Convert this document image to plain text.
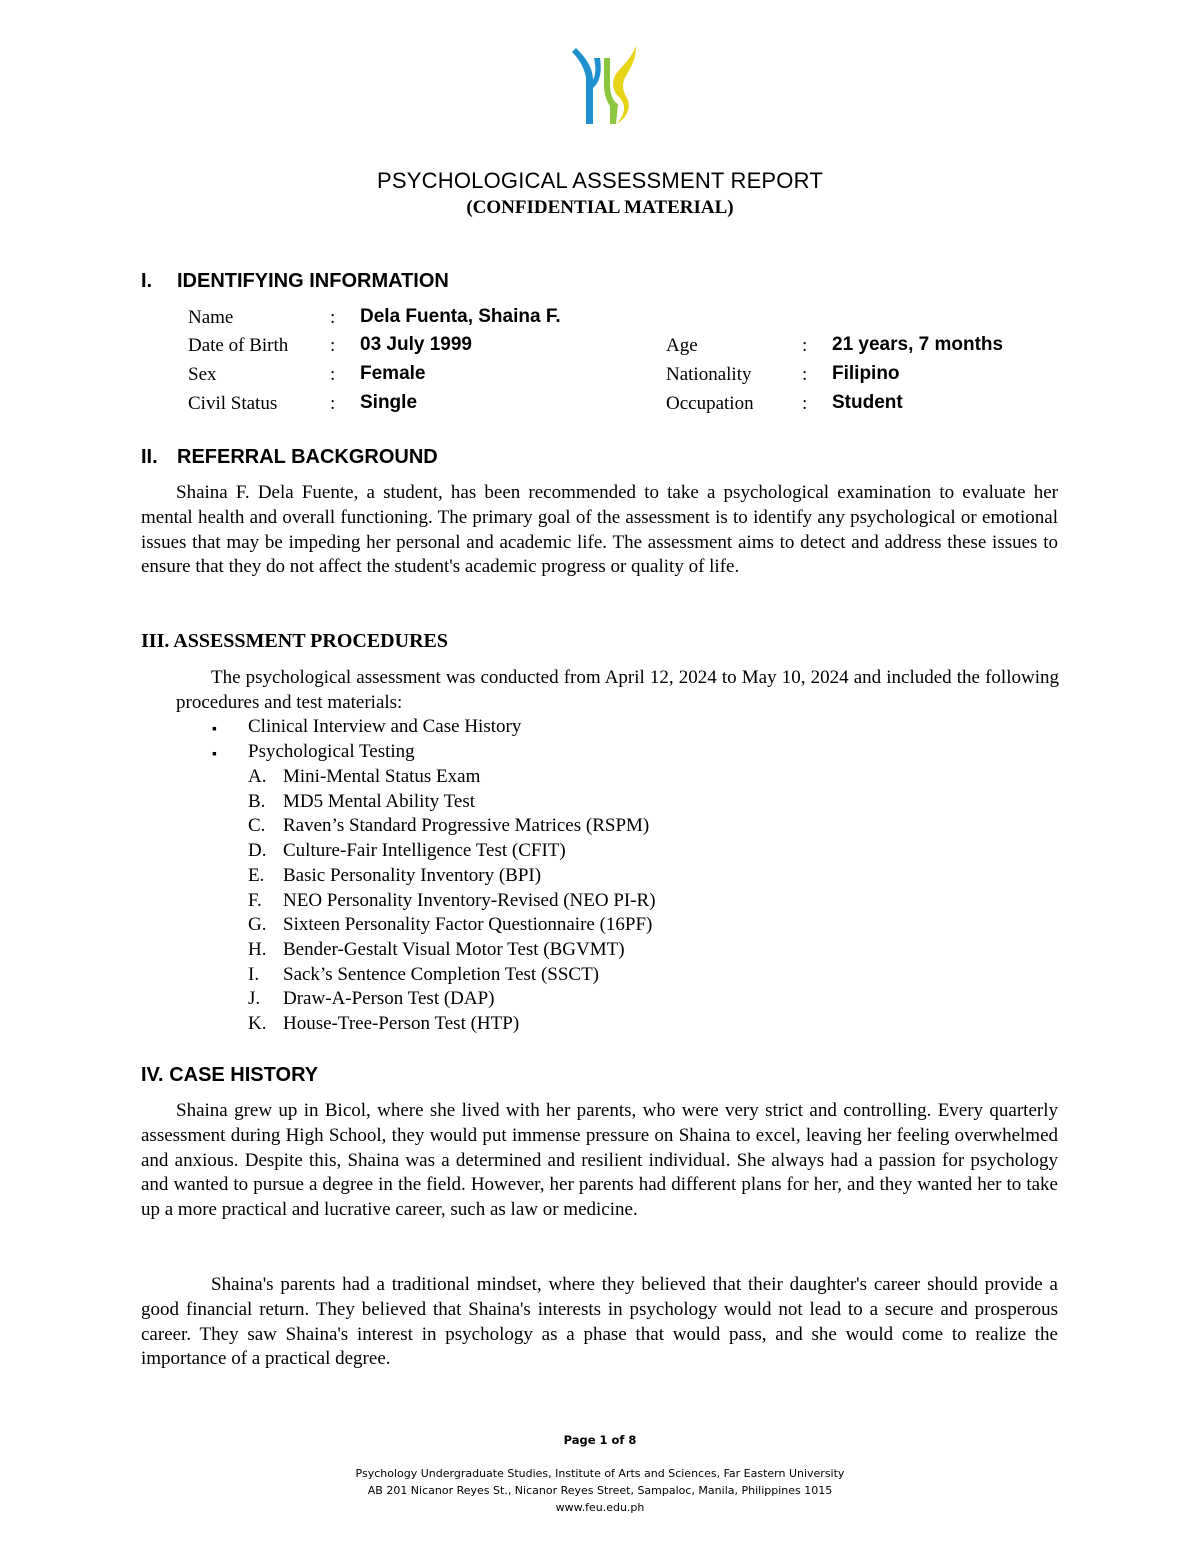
PSYCHOLOGICAL ASSESSMENT REPORT
(CONFIDENTIAL MATERIAL)
I. IDENTIFYING INFORMATION
Name	: Dela Fuenta, Shaina F.
Date of Birth : 03 July 1999
Sex	: Female
Civil Status	: Single
Age	: 21 years, 7 months
Nationality	: Filipino
Occupation	: Student
II. REFERRAL BACKGROUND
Shaina F. Dela Fuente, a student, has been recommended to take a psychological examination to evaluate her mental health and overall functioning. The primary goal of the assessment is to identify any psychological or emotional issues that may be impeding her personal and academic life. The assessment aims to detect and address these issues to ensure that they do not affect the student's academic progress or quality of life.
III. ASSESSMENT PROCEDURES
The psychological assessment was conducted from April 12, 2024 to May 10, 2024 and included the following procedures and test materials:
▪ Clinical Interview and Case History
▪ Psychological Testing
A. Mini-Mental Status Exam
B. MD5 Mental Ability Test
C. Raven’s Standard Progressive Matrices (RSPM)
D. Culture-Fair Intelligence Test (CFIT)
E. Basic Personality Inventory (BPI)
F. NEO Personality Inventory-Revised (NEO PI-R)
G. Sixteen Personality Factor Questionnaire (16PF)
H. Bender-Gestalt Visual Motor Test (BGVMT)
I. Sack’s Sentence Completion Test (SSCT)
J. Draw-A-Person Test (DAP)
K. House-Tree-Person Test (HTP)
IV. CASE HISTORY
Shaina grew up in Bicol, where she lived with her parents, who were very strict and controlling. Every quarterly assessment during High School, they would put immense pressure on Shaina to excel, leaving her feeling overwhelmed and anxious. Despite this, Shaina was a determined and resilient individual. She always had a passion for psychology and wanted to pursue a degree in the field. However, her parents had different plans for her, and they wanted her to take up a more practical and lucrative career, such as law or medicine.
Shaina's parents had a traditional mindset, where they believed that their daughter's career should provide a good financial return. They believed that Shaina's interests in psychology would not lead to a secure and prosperous career. They saw Shaina's interest in psychology as a phase that would pass, and she would come to realize the importance of a practical degree.
Page 1 of 8
Psychology Undergraduate Studies, Institute of Arts and Sciences, Far Eastern University
AB 201 Nicanor Reyes St., Nicanor Reyes Street, Sampaloc, Manila, Philippines 1015
www.feu.edu.ph
